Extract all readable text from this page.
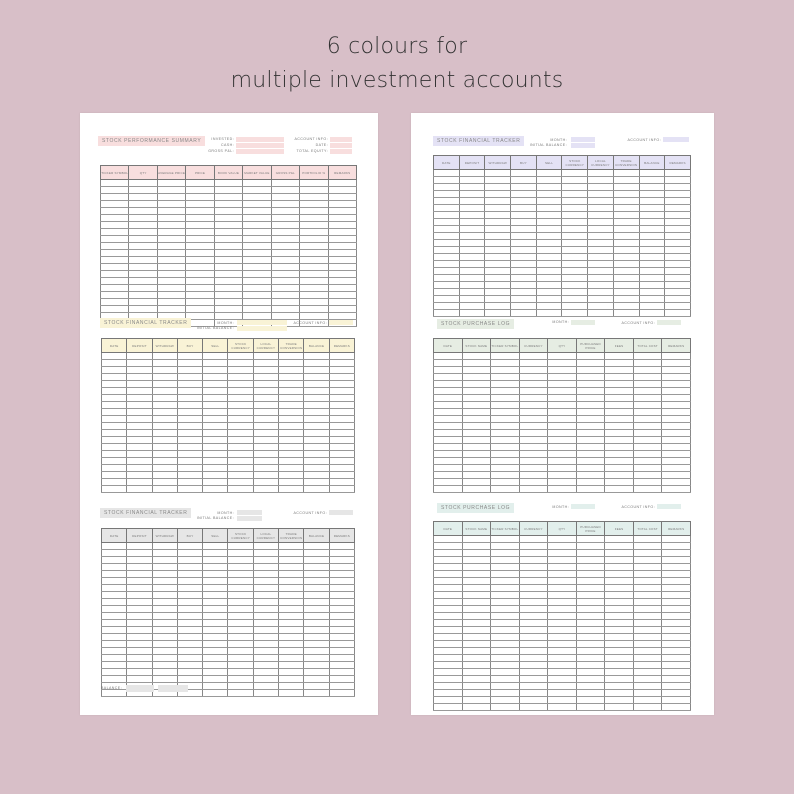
6 colours for
multiple investment accounts
STOCK PERFORMANCE SUMMARY	INVESTED:
CASH:
GROSS P&L:
ACCOUNT INFO:
DATE:
TOTAL EQUITY:
TICKER SYMBOL	QTY	AVERAGE PRICE	PRICE	BOOK VALUE	MARKET VALUE	GROSS P&L	PORTFOLIO %	REMARKS

STOCK FINANCIAL TRACKER	MONTH:
INITIAL BALANCE:
ACCOUNT INFO:
DATE	DEPOSIT	WITHDRAW	BUY	SELL	STOCK CURRENCY	LOCAL CURRENCY	TRADE CONVERSION	BALANCE	REMARKS

STOCK FINANCIAL TRACKER	MONTH:
INITIAL BALANCE:
ACCOUNT INFO:
DATE	DEPOSIT	WITHDRAW	BUY	SELL	STOCK CURRENCY	LOCAL CURRENCY	TRADE CONVERSION	BALANCE	REMARKS

BALANCE:
STOCK FINANCIAL TRACKER	MONTH:
INITIAL BALANCE:
ACCOUNT INFO:
DATE	DEPOSIT	WITHDRAW	BUY	SELL	STOCK CURRENCY	LOCAL CURRENCY	TRADE CONVERSION	BALANCE	REMARKS

STOCK PURCHASE LOG	MONTH:	ACCOUNT INFO:
DATE	STOCK NAME	TICKER SYMBOL	CURRENCY	QTY	PURCHASED PRICE	FEES	TOTAL COST	REMARKS

STOCK PURCHASE LOG	MONTH:	ACCOUNT INFO:
DATE	STOCK NAME	TICKER SYMBOL	CURRENCY	QTY	PURCHASED PRICE	FEES	TOTAL COST	REMARKS
